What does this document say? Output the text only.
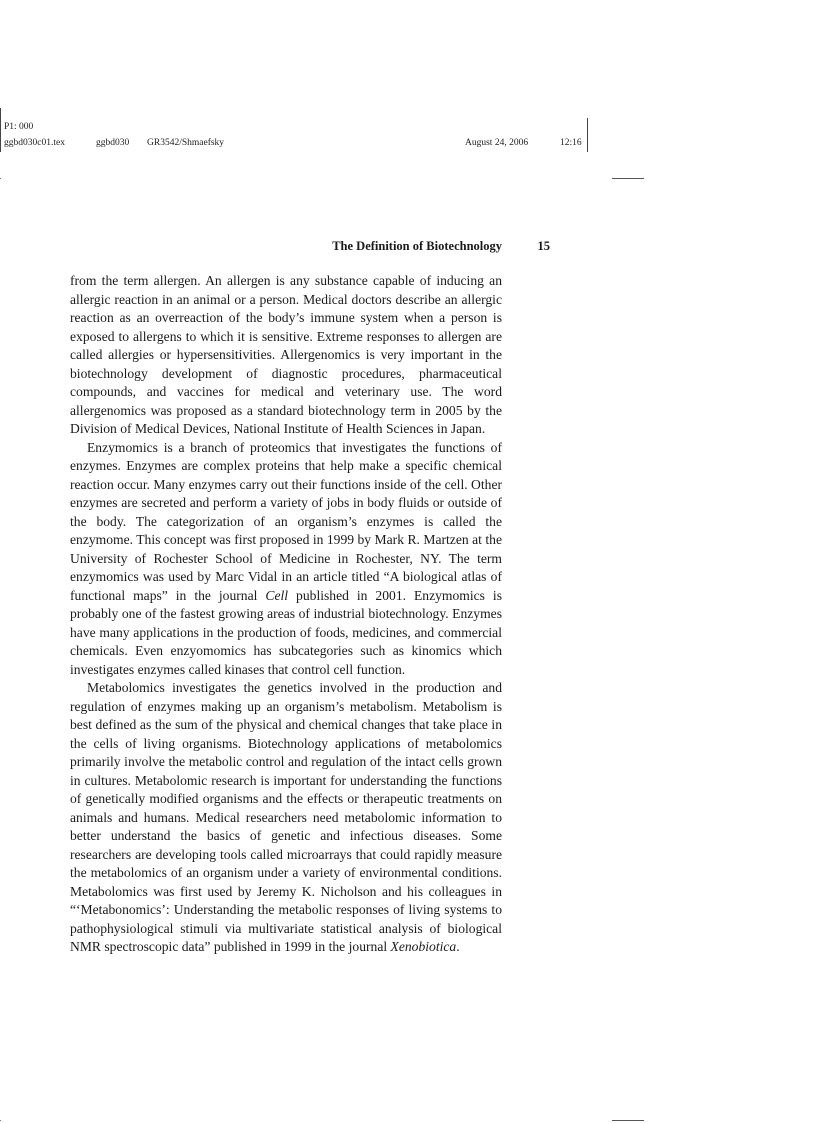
P1: 000
ggbd030c01.tex	ggbd030 GR3542/Shmaefsky	August 24, 2006	12:16
The Definition of Biotechnology	15

from the term allergen. An allergen is any substance capable of inducing an allergic reaction in an animal or a person. Medical doctors describe an allergic reaction as an overreaction of the body’s immune system when a person is exposed to allergens to which it is sensitive. Extreme responses to allergen are called allergies or hypersensitivities. Allergenomics is very important in the biotechnology development of diagnostic procedures, pharmaceutical compounds, and vaccines for medical and veterinary use. The word allergenomics was proposed as a standard biotechnology term in 2005 by the Division of Medical Devices, National Institute of Health Sciences in Japan.

Enzymomics is a branch of proteomics that investigates the functions of enzymes. Enzymes are complex proteins that help make a specific chemical reaction occur. Many enzymes carry out their functions inside of the cell. Other enzymes are secreted and perform a variety of jobs in body fluids or outside of the body. The categorization of an organism’s enzymes is called the enzymome. This concept was first proposed in 1999 by Mark R. Martzen at the University of Rochester School of Medicine in Rochester, NY. The term enzymomics was used by Marc Vidal in an article titled “A biological atlas of functional maps” in the journal Cell published in 2001. Enzymomics is probably one of the fastest growing areas of industrial biotechnology. Enzymes have many applications in the production of foods, medicines, and commercial chemicals. Even enzyomomics has subcategories such as kinomics which investigates enzymes called kinases that control cell function.

Metabolomics investigates the genetics involved in the production and regulation of enzymes making up an organism’s metabolism. Metabolism is best defined as the sum of the physical and chemical changes that take place in the cells of living organisms. Biotechnology applications of metabolomics primarily involve the metabolic control and regulation of the intact cells grown in cultures. Metabolomic research is important for understanding the functions of genetically modified organisms and the effects or therapeutic treatments on animals and humans. Medical researchers need metabolomic information to better understand the basics of genetic and infectious diseases. Some researchers are developing tools called microarrays that could rapidly measure the metabolomics of an organism under a variety of environmental conditions. Metabolomics was first used by Jeremy K. Nicholson and his colleagues in “‘Metabonomics’: Understanding the metabolic responses of living systems to pathophysiological stimuli via multivariate statistical analysis of biological NMR spectroscopic data” published in 1999 in the journal Xenobiotica.
